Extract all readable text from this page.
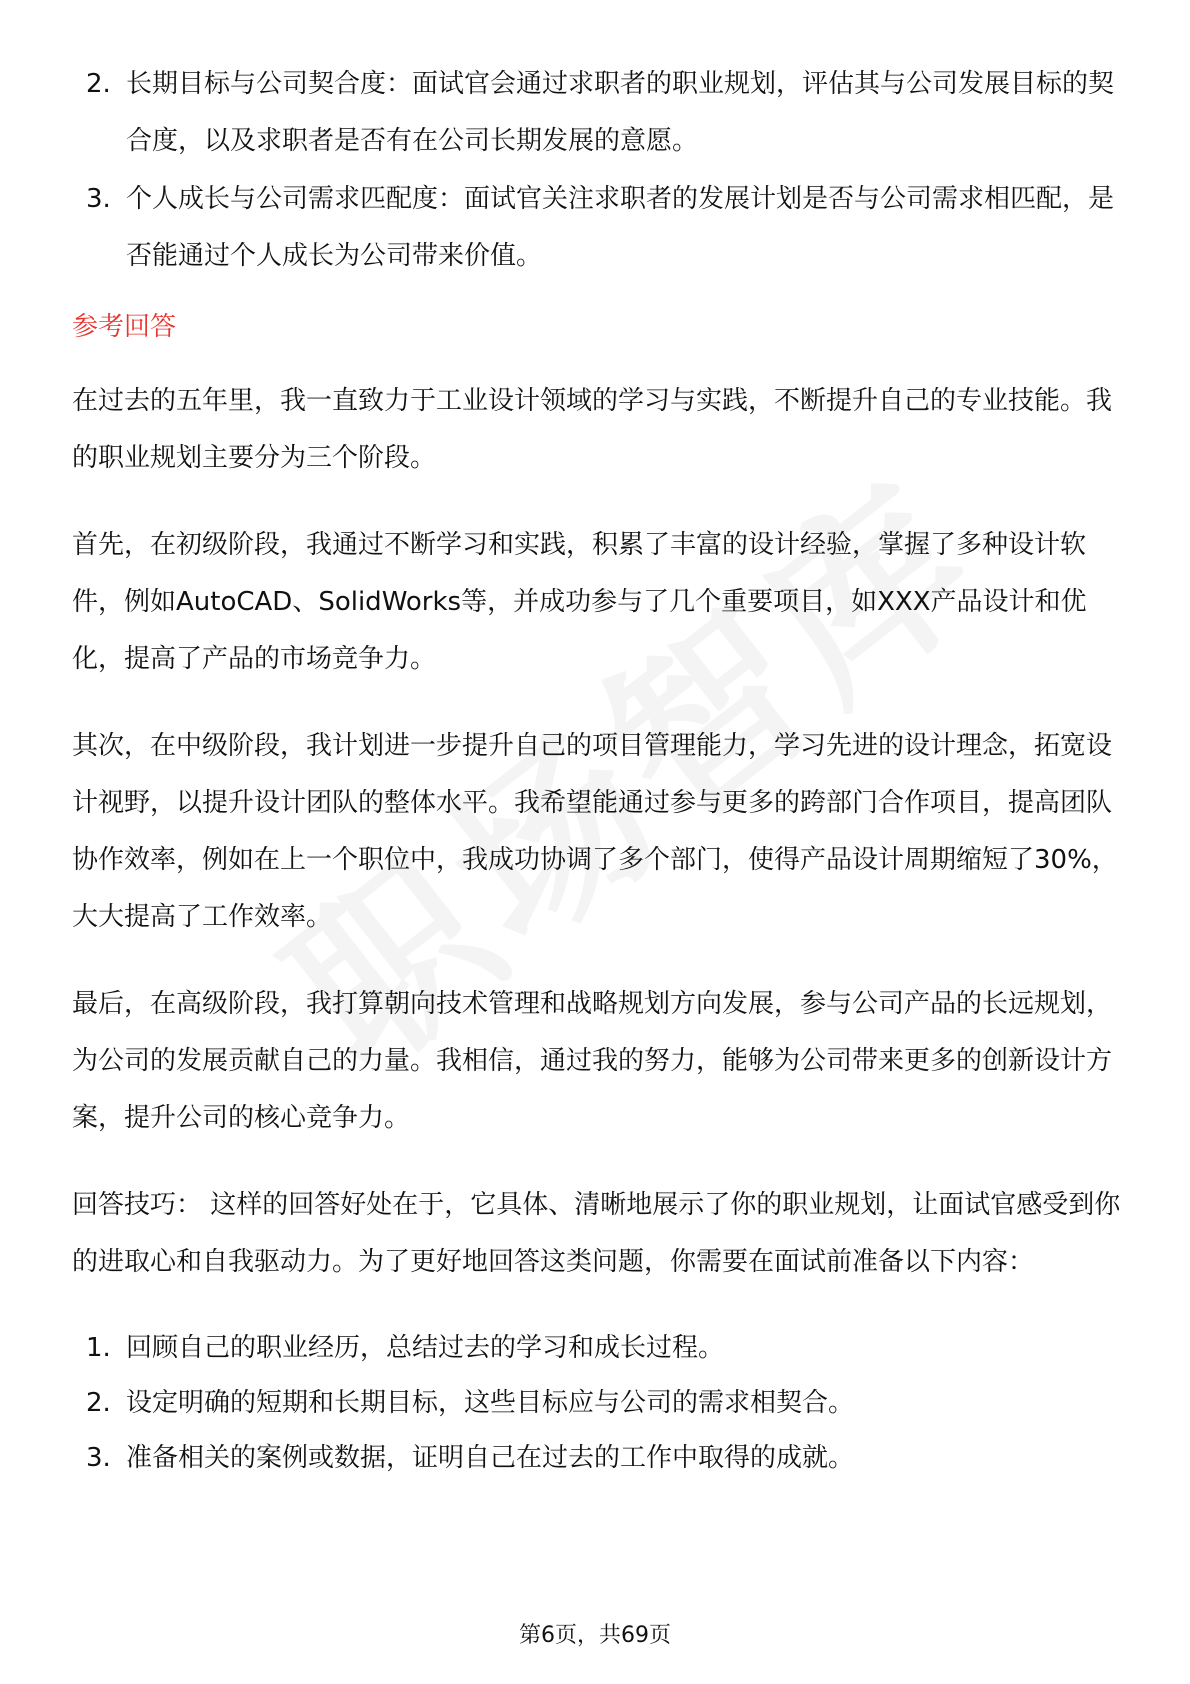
2. 长期目标与公司契合度：面试官会通过求职者的职业规划，评估其与公司发展目标的契合度，以及求职者是否有在公司长期发展的意愿。
3. 个人成长与公司需求匹配度：面试官关注求职者的发展计划是否与公司需求相匹配，是否能通过个人成长为公司带来价值。
参考回答

在过去的五年里，我一直致力于工业设计领域的学习与实践，不断提升自己的专业技能。我的职业规划主要分为三个阶段。

首先，在初级阶段，我通过不断学习和实践，积累了丰富的设计经验，掌握了多种设计软件，例如AutoCAD、SolidWorks等，并成功参与了几个重要项目，如XXX产品设计和优化，提高了产品的市场竞争力。

其次，在中级阶段，我计划进一步提升自己的项目管理能力，学习先进的设计理念，拓宽设计视野，以提升设计团队的整体水平。我希望能通过参与更多的跨部门合作项目，提高团队协作效率，例如在上一个职位中，我成功协调了多个部门，使得产品设计周期缩短了30%，大大提高了工作效率。

最后，在高级阶段，我打算朝向技术管理和战略规划方向发展，参与公司产品的长远规划，为公司的发展贡献自己的力量。我相信，通过我的努力，能够为公司带来更多的创新设计方案，提升公司的核心竞争力。

回答技巧： 这样的回答好处在于，它具体、清晰地展示了你的职业规划，让面试官感受到你的进取心和自我驱动力。为了更好地回答这类问题，你需要在面试前准备以下内容：

1. 回顾自己的职业经历，总结过去的学习和成长过程。
2. 设定明确的短期和长期目标，这些目标应与公司的需求相契合。
3. 准备相关的案例或数据，证明自己在过去的工作中取得的成就。
第6页，共69页
